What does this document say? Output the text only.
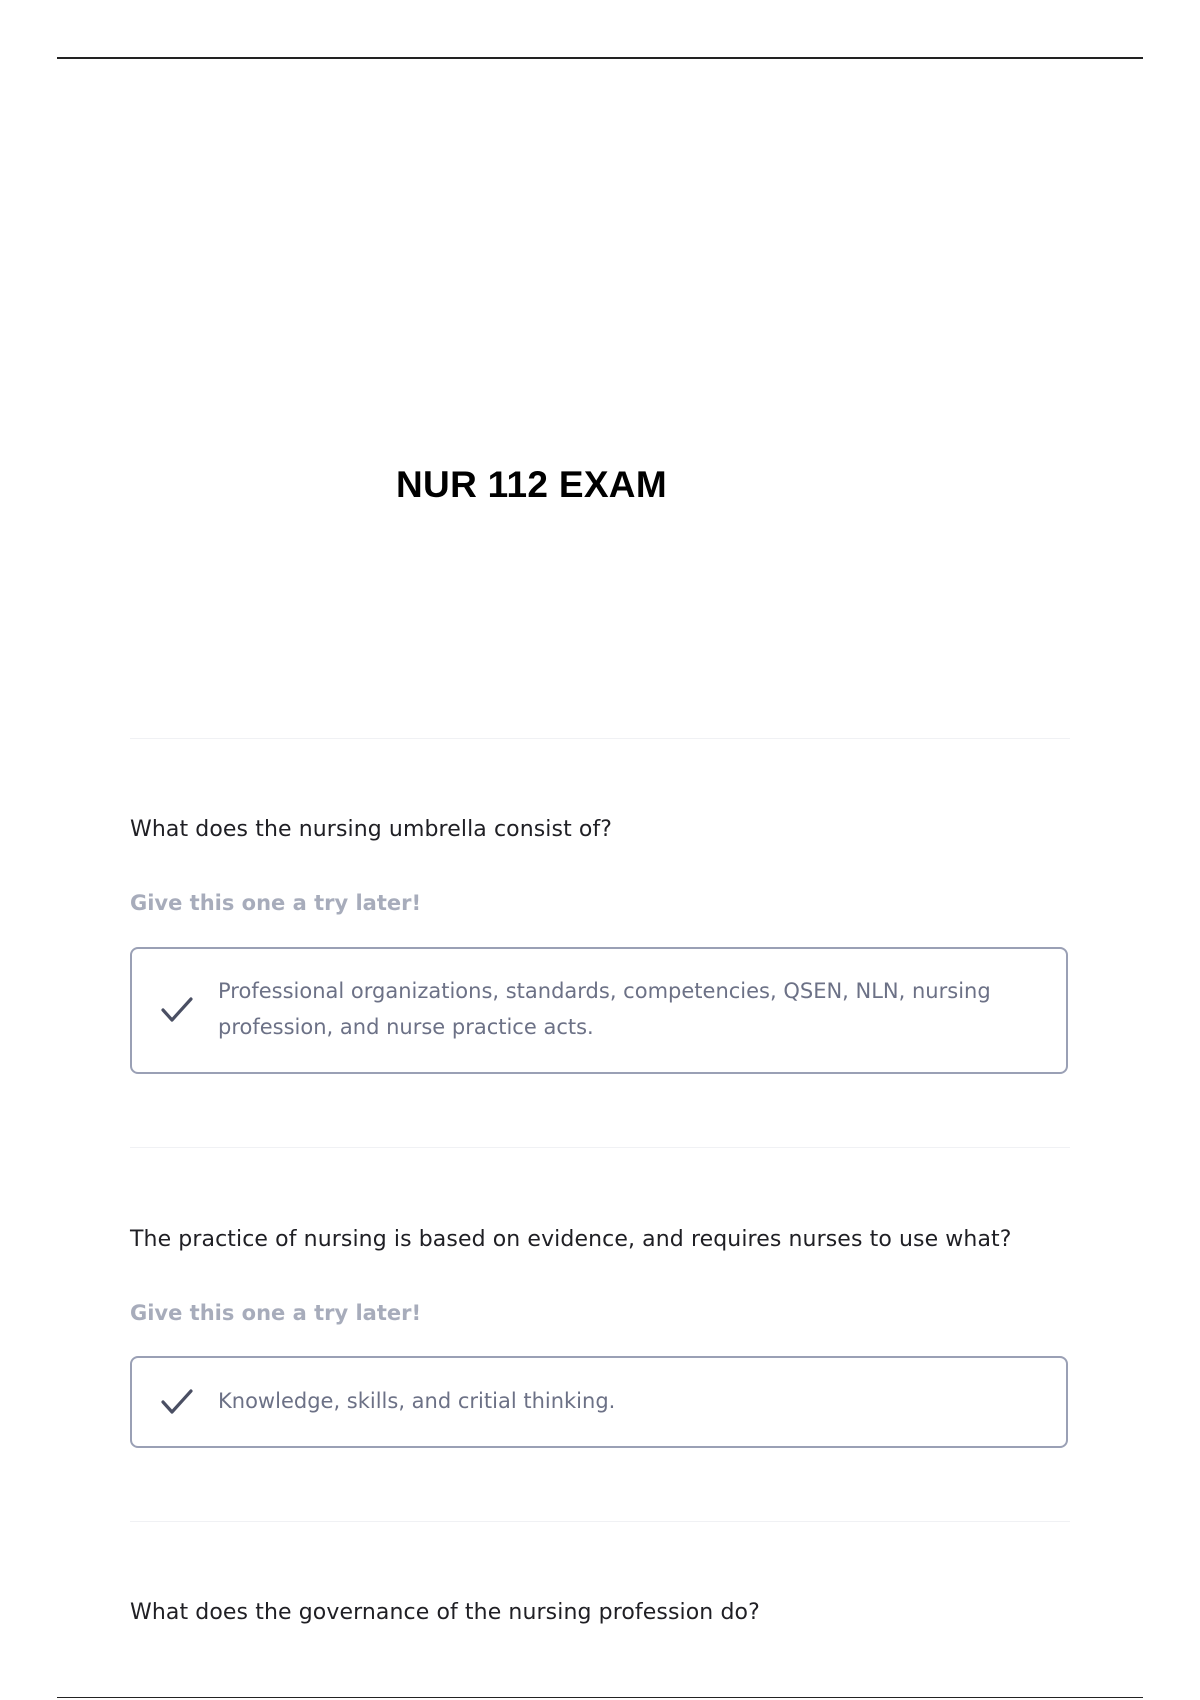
NUR 112 EXAM

What does the nursing umbrella consist of?

Give this one a try later!

Professional organizations, standards, competencies, QSEN, NLN, nursing profession, and nurse practice acts.

The practice of nursing is based on evidence, and requires nurses to use what?

Give this one a try later!

Knowledge, skills, and critial thinking.

What does the governance of the nursing profession do?
